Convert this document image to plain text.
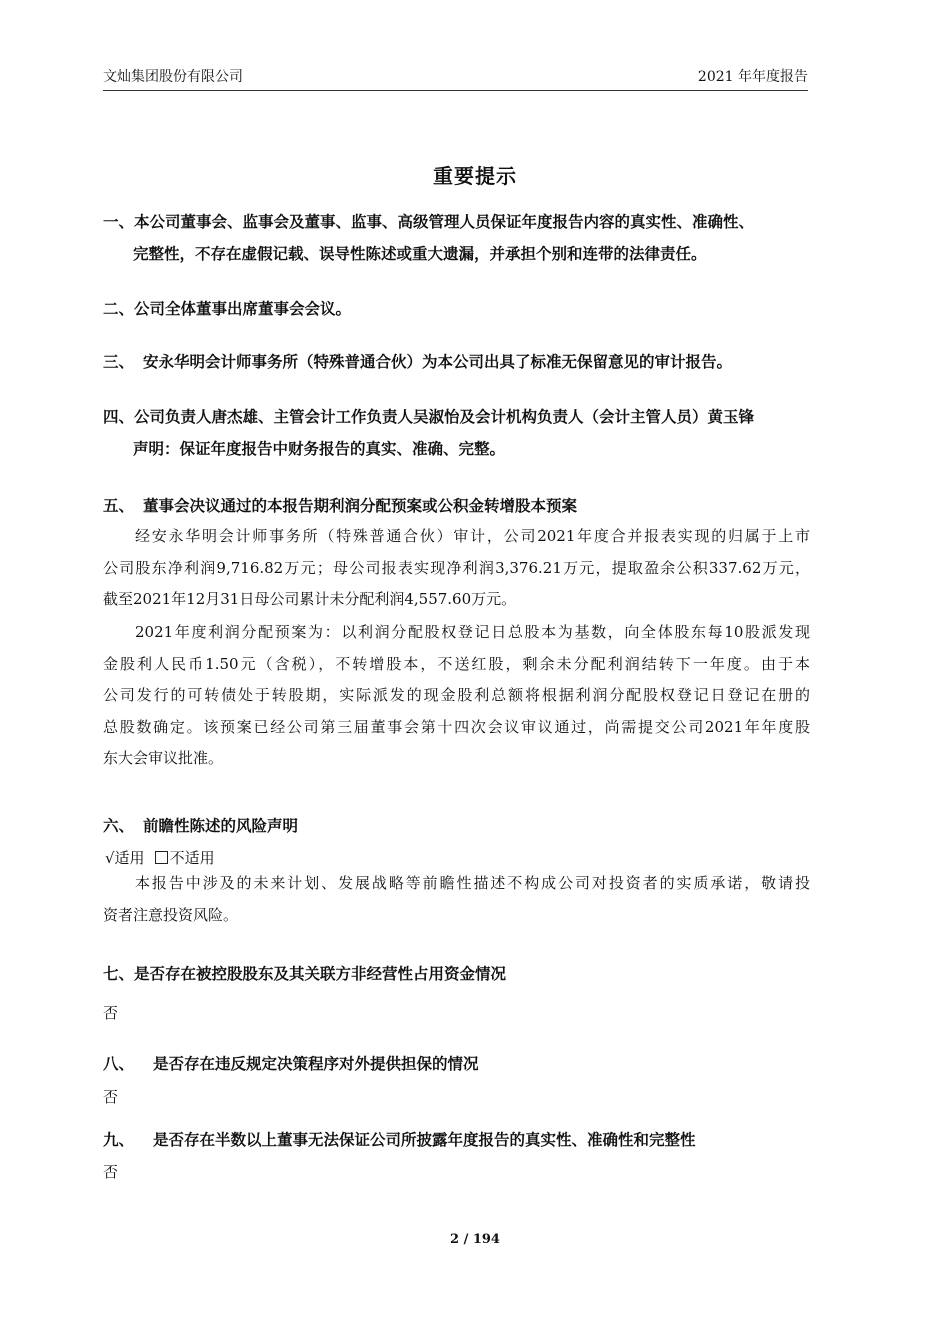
文灿集团股份有限公司	2021 年年度报告
重要提示
一、本公司董事会、监事会及董事、监事、高级管理人员保证年度报告内容的真实性、准确性、
完整性，不存在虚假记载、误导性陈述或重大遗漏，并承担个别和连带的法律责任。
二、公司全体董事出席董事会会议。
三、 安永华明会计师事务所（特殊普通合伙）为本公司出具了标准无保留意见的审计报告。
四、公司负责人唐杰雄、主管会计工作负责人吴淑怡及会计机构负责人（会计主管人员）黄玉锋
声明：保证年度报告中财务报告的真实、准确、完整。
五、 董事会决议通过的本报告期利润分配预案或公积金转增股本预案
经安永华明会计师事务所（特殊普通合伙）审计，公司2021年度合并报表实现的归属于上市
公司股东净利润9,716.82万元；母公司报表实现净利润3,376.21万元，提取盈余公积337.62万元，
截至2021年12月31日母公司累计未分配利润4,557.60万元。
2021年度利润分配预案为：以利润分配股权登记日总股本为基数，向全体股东每10股派发现
金股利人民币1.50元（含税），不转增股本，不送红股，剩余未分配利润结转下一年度。由于本
公司发行的可转债处于转股期，实际派发的现金股利总额将根据利润分配股权登记日登记在册的
总股数确定。该预案已经公司第三届董事会第十四次会议审议通过，尚需提交公司2021年年度股
东大会审议批准。
六、 前瞻性陈述的风险声明
√适用 不适用
本报告中涉及的未来计划、发展战略等前瞻性描述不构成公司对投资者的实质承诺，敬请投
资者注意投资风险。
七、是否存在被控股股东及其关联方非经营性占用资金情况
否
八、 是否存在违反规定决策程序对外提供担保的情况
否
九、 是否存在半数以上董事无法保证公司所披露年度报告的真实性、准确性和完整性
否
2 / 194
